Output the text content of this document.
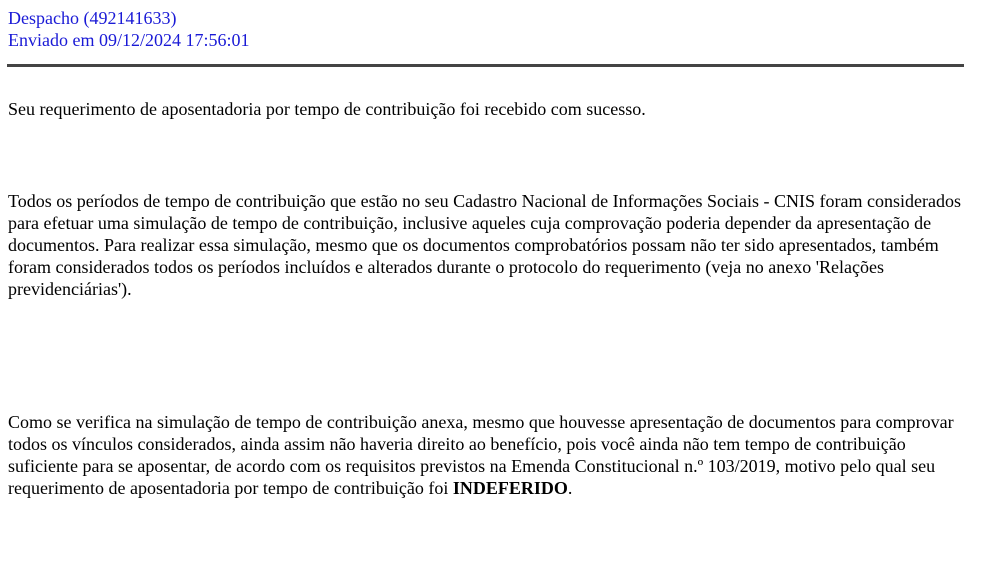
Despacho (492141633)
Enviado em 09/12/2024 17:56:01
Seu requerimento de aposentadoria por tempo de contribuição foi recebido com sucesso.
Todos os períodos de tempo de contribuição que estão no seu Cadastro Nacional de Informações Sociais - CNIS foram considerados para efetuar uma simulação de tempo de contribuição, inclusive aqueles cuja comprovação poderia depender da apresentação de documentos. Para realizar essa simulação, mesmo que os documentos comprobatórios possam não ter sido apresentados, também foram considerados todos os períodos incluídos e alterados durante o protocolo do requerimento (veja no anexo 'Relações previdenciárias').
Como se verifica na simulação de tempo de contribuição anexa, mesmo que houvesse apresentação de documentos para comprovar todos os vínculos considerados, ainda assim não haveria direito ao benefício, pois você ainda não tem tempo de contribuição suficiente para se aposentar, de acordo com os requisitos previstos na Emenda Constitucional n.º 103/2019, motivo pelo qual seu requerimento de aposentadoria por tempo de contribuição foi INDEFERIDO.
